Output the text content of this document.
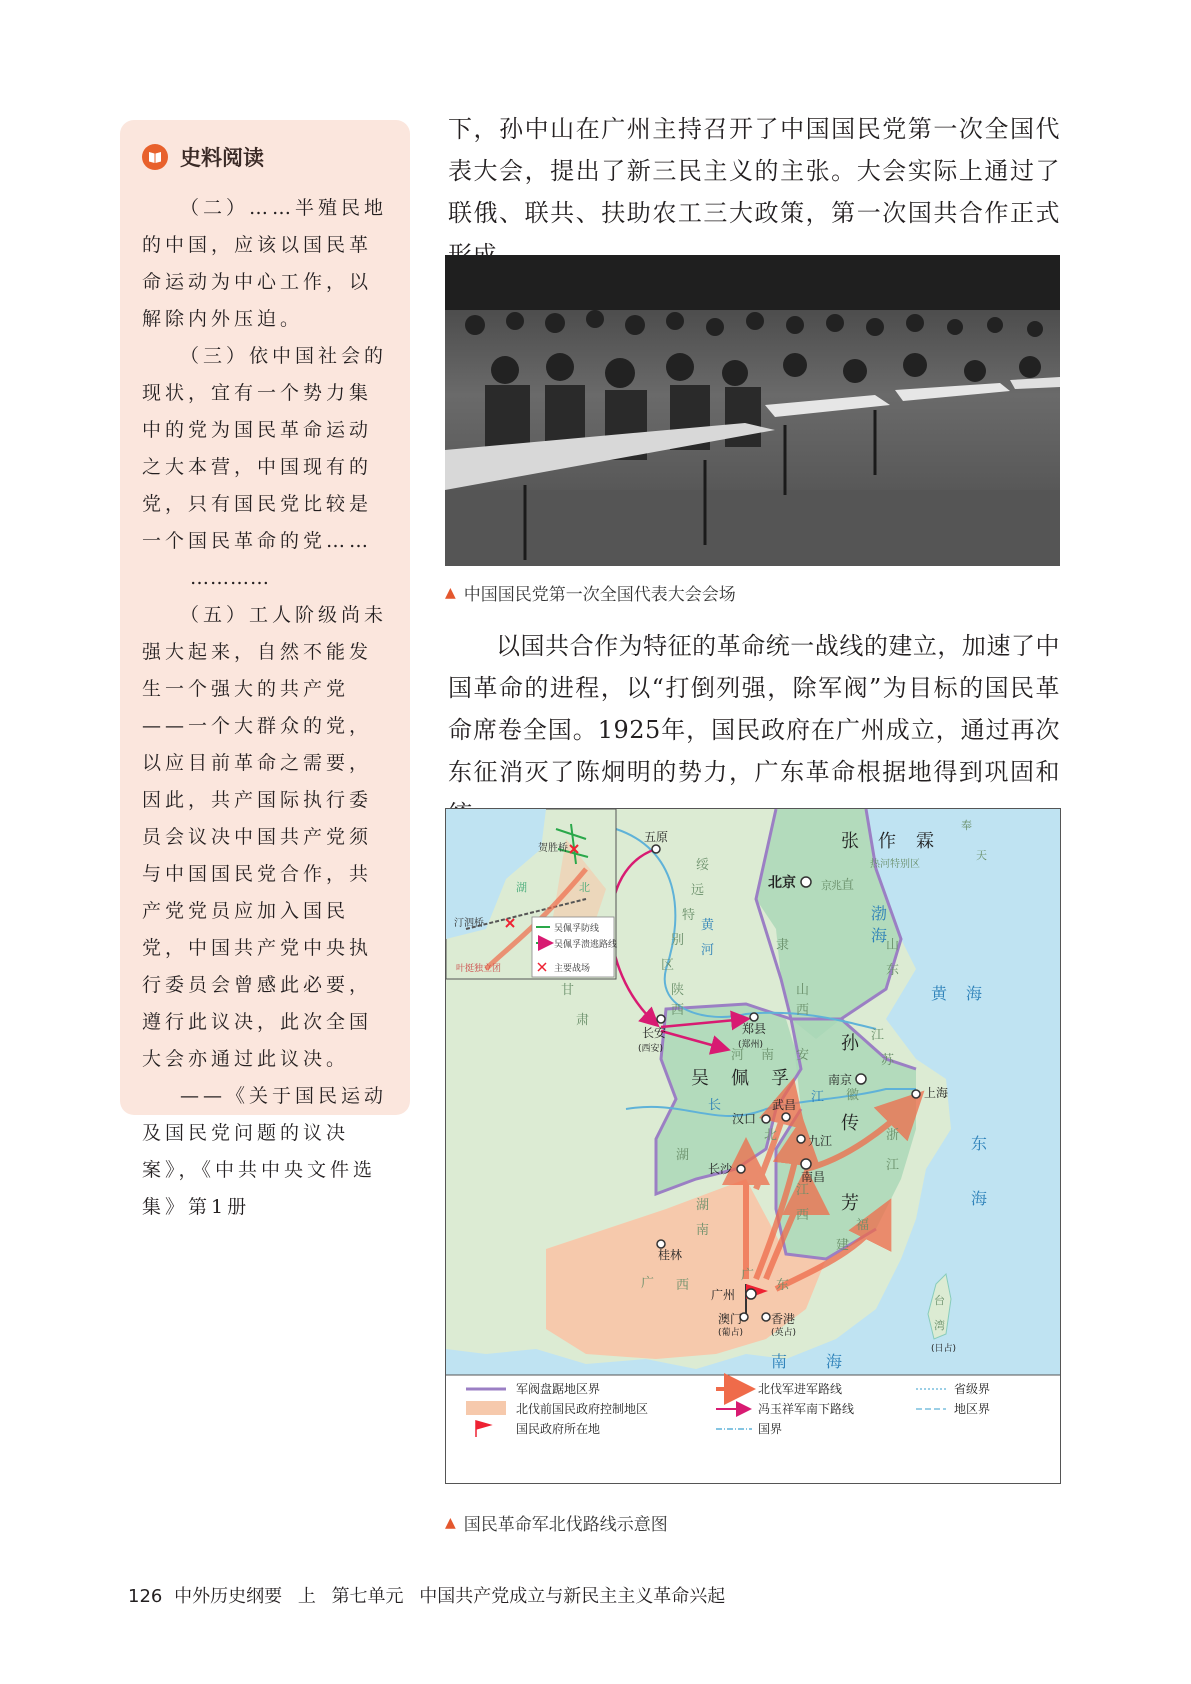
史料阅读

（二）……半殖民地的中国，应该以国民革命运动为中心工作，以解除内外压迫。

（三）依中国社会的现状，宜有一个势力集中的党为国民革命运动之大本营，中国现有的党，只有国民党比较是一个国民革命的党……

…………

（五）工人阶级尚未强大起来，自然不能发生一个强大的共产党——一个大群众的党，以应目前革命之需要，因此，共产国际执行委员会议决中国共产党须与中国国民党合作，共产党党员应加入国民党，中国共产党中央执行委员会曾感此必要，遵行此议决，此次全国大会亦通过此议决。

——《关于国民运动及国民党问题的议决案》，《中共中央文件选集》第1册

下，孙中山在广州主持召开了中国国民党第一次全国代表大会，提出了新三民主义的主张。大会实际上通过了联俄、联共、扶助农工三大政策，第一次国共合作正式

▲ 中国国民党第一次全国代表大会会场

以国共合作为特征的革命统一战线的建立，加速了中国革命的进程，以“打倒列强，除军阀”为目标的国民革命席卷全国。1925年，国民政府在广州成立，通过再次东征消灭了陈炯明的势力，广东革命根据地得到巩固和

贺胜桥
汀泗桥
湖	北
叶挺独立团
吴佩孚防线
吴佩孚溃逃路线
主要战场
五原
北京
长安
(西安)
郑县
(郑州)
南京
上海
汉口
武昌
九江
长沙
南昌
桂林
广州
澳门
(葡占)
香港
(英占)
(日占)
张 作 霖
吴 佩 孚
孙
传
芳
热河特别区
绥
远
特
别
区
直
隶
山
西
陕
西
甘
肃
河 南
湖
北
湖
南
江
西
安
徽
江
苏
浙
江
福
建
广
东
广 西
山
东
奉
天
京 兆
台
湾
渤
海
黄 海
东
海
南 海
黄
河
长
江
军阀盘踞地区界
北伐前国民政府控制地区
国民政府所在地
北伐军进军路线
冯玉祥军南下路线
国界
省级界
地区界
▲ 国民革命军北伐路线示意图
126 中外历史纲要 上 第七单元 中国共产党成立与新民主主义革命兴起
